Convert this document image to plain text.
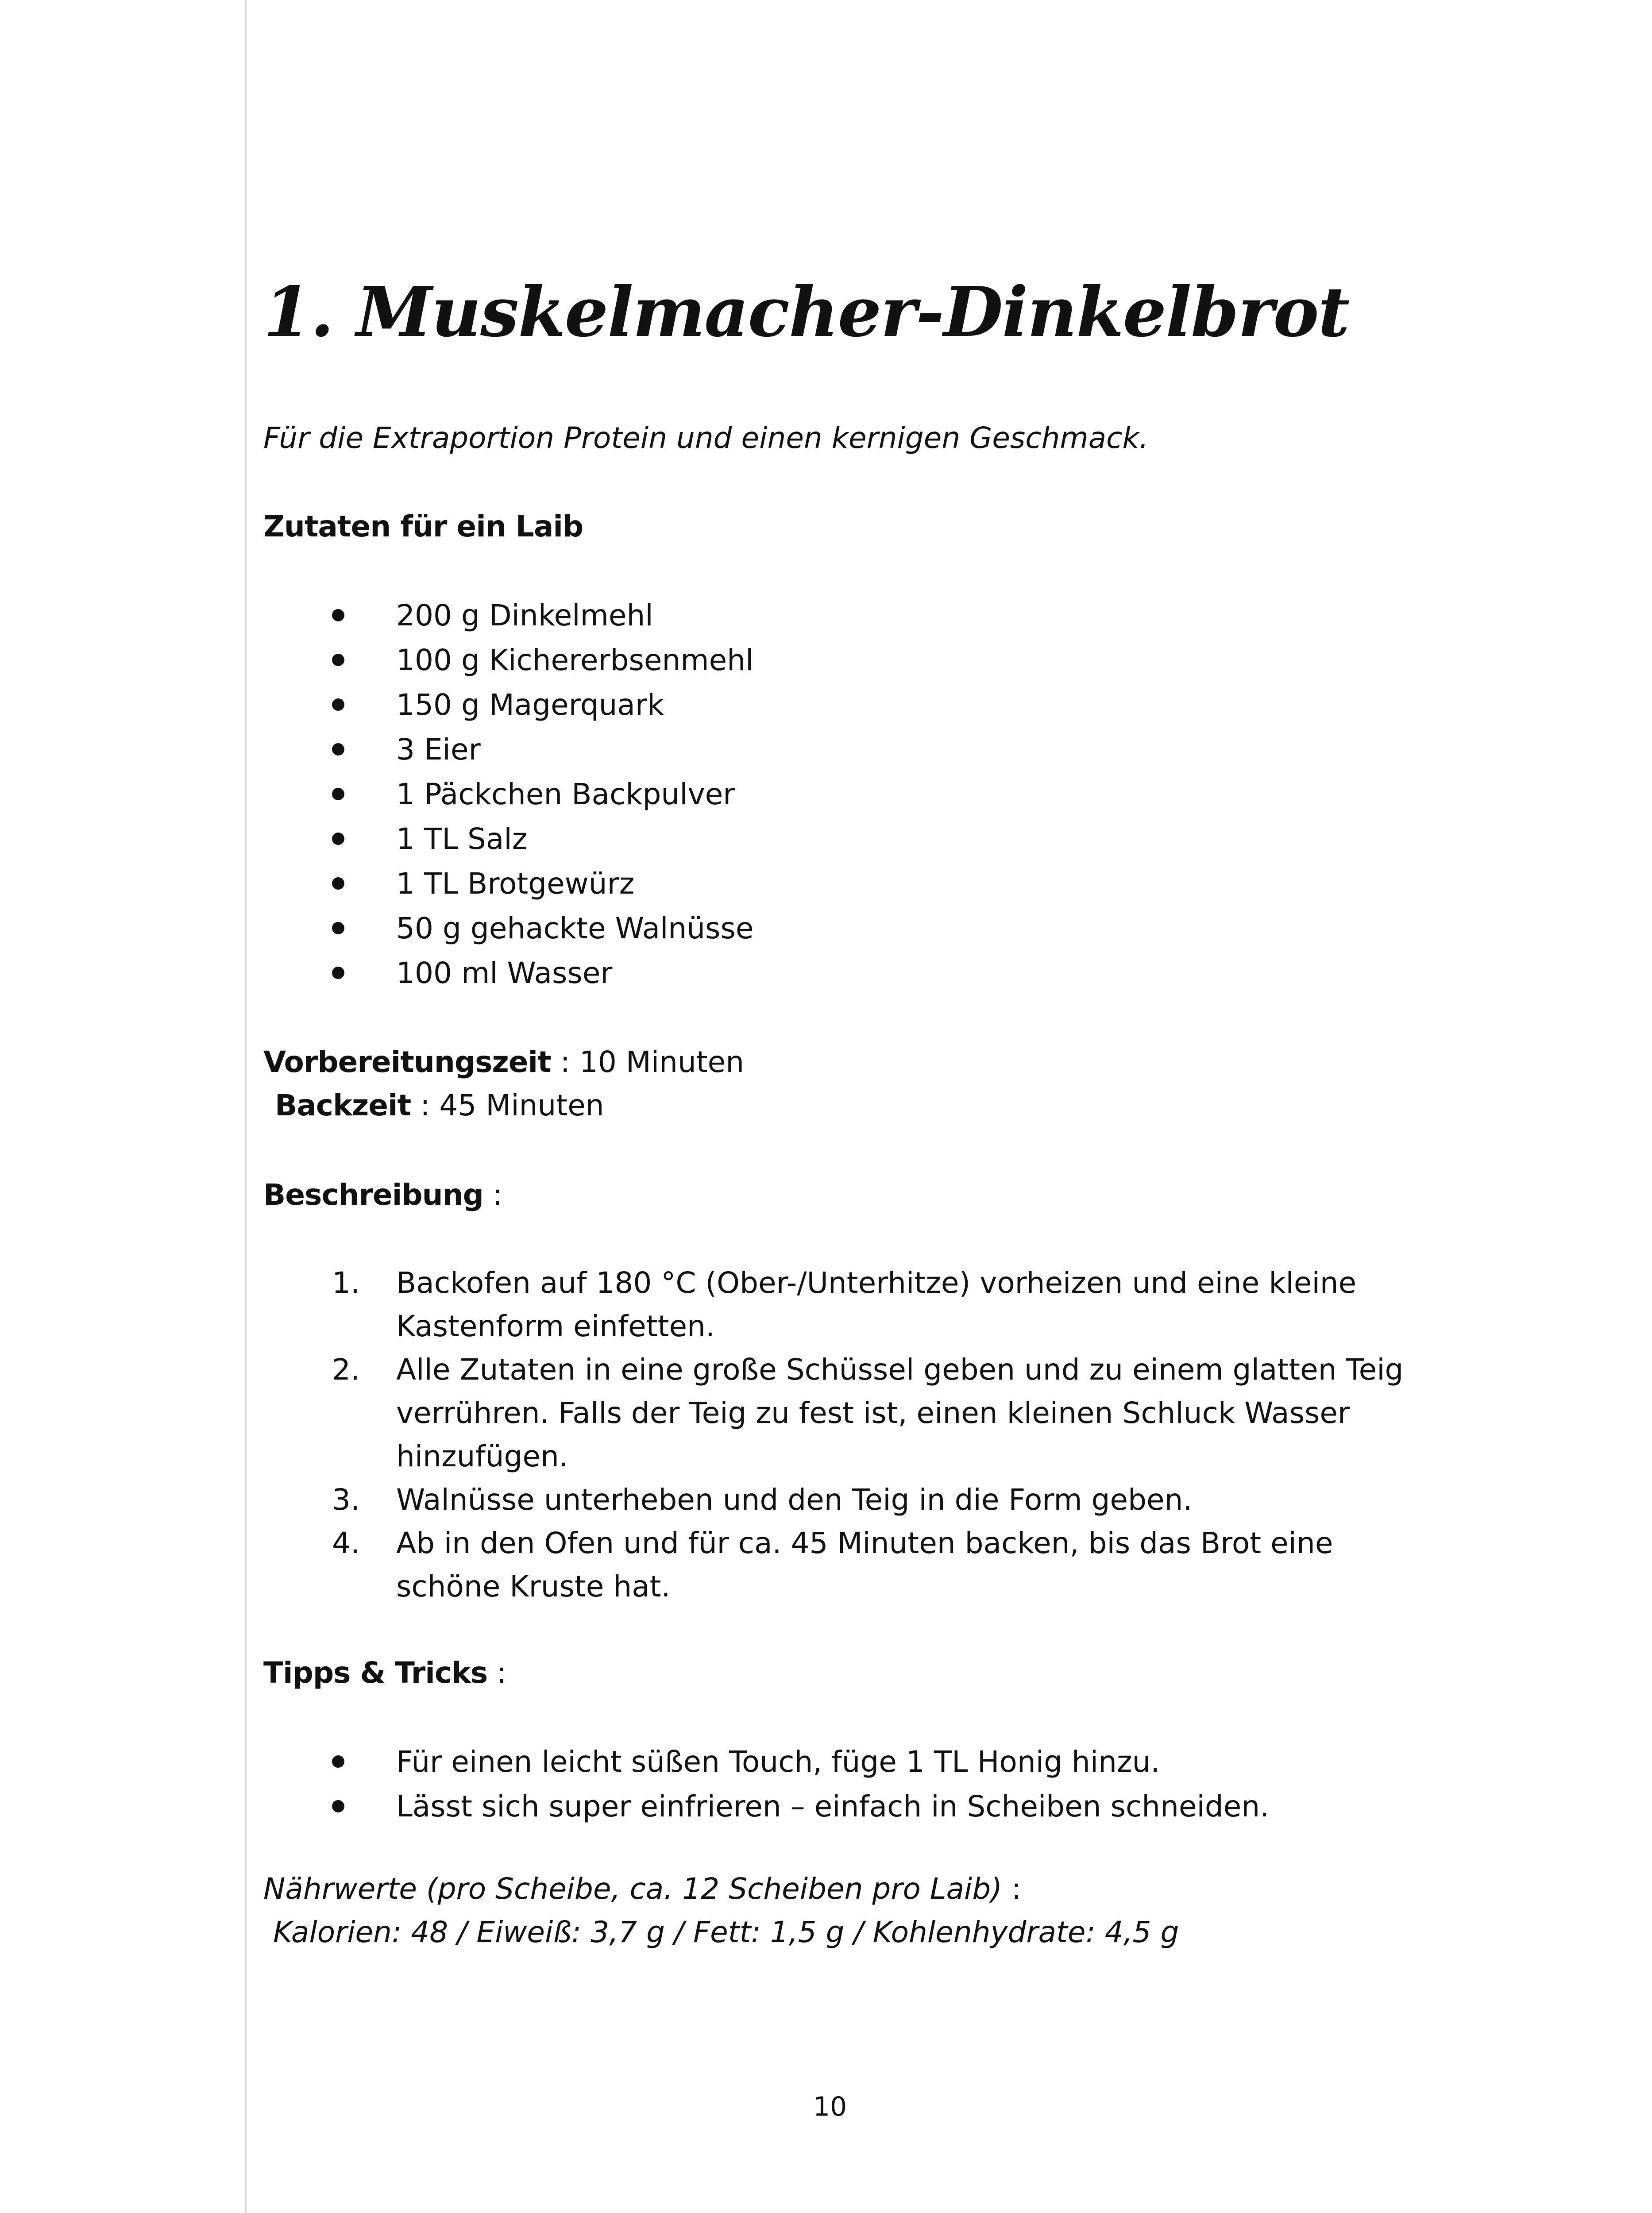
1. Muskelmacher-Dinkelbrot
Für die Extraportion Protein und einen kernigen Geschmack.
Zutaten für ein Laib
200 g Dinkelmehl
100 g Kichererbsenmehl
150 g Magerquark
3 Eier
1 Päckchen Backpulver
1 TL Salz
1 TL Brotgewürz
50 g gehackte Walnüsse
100 ml Wasser
Vorbereitungszeit : 10 Minuten
Backzeit : 45 Minuten
Beschreibung :
1. Backofen auf 180 °C (Ober-/Unterhitze) vorheizen und eine kleine
Kastenform einfetten.
2. Alle Zutaten in eine große Schüssel geben und zu einem glatten Teig
verrühren. Falls der Teig zu fest ist, einen kleinen Schluck Wasser
hinzufügen.
3. Walnüsse unterheben und den Teig in die Form geben.
4. Ab in den Ofen und für ca. 45 Minuten backen, bis das Brot eine
schöne Kruste hat.
Tipps & Tricks :
Für einen leicht süßen Touch, füge 1 TL Honig hinzu.
Lässt sich super einfrieren – einfach in Scheiben schneiden.
Nährwerte (pro Scheibe, ca. 12 Scheiben pro Laib) :
Kalorien: 48 / Eiweiß: 3,7 g / Fett: 1,5 g / Kohlenhydrate: 4,5 g
10
